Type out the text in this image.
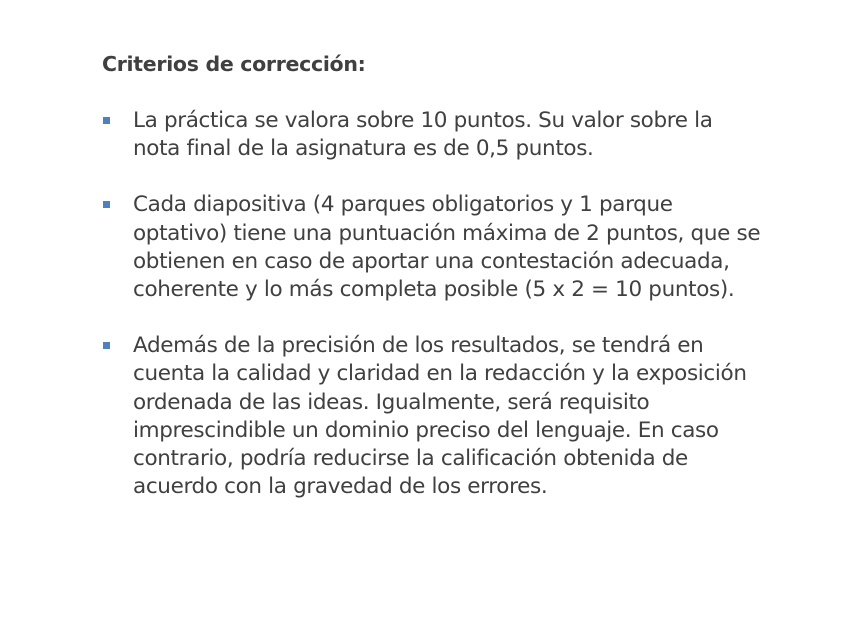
Criterios de corrección:
La práctica se valora sobre 10 puntos. Su valor sobre la nota final de la asignatura es de 0,5 puntos.
Cada diapositiva (4 parques obligatorios y 1 parque optativo) tiene una puntuación máxima de 2 puntos, que se obtienen en caso de aportar una contestación adecuada, coherente y lo más completa posible (5 x 2 = 10 puntos).
Además de la precisión de los resultados, se tendrá en cuenta la calidad y claridad en la redacción y la exposición ordenada de las ideas. Igualmente, será requisito imprescindible un dominio preciso del lenguaje. En caso contrario, podría reducirse la calificación obtenida de acuerdo con la gravedad de los errores.
